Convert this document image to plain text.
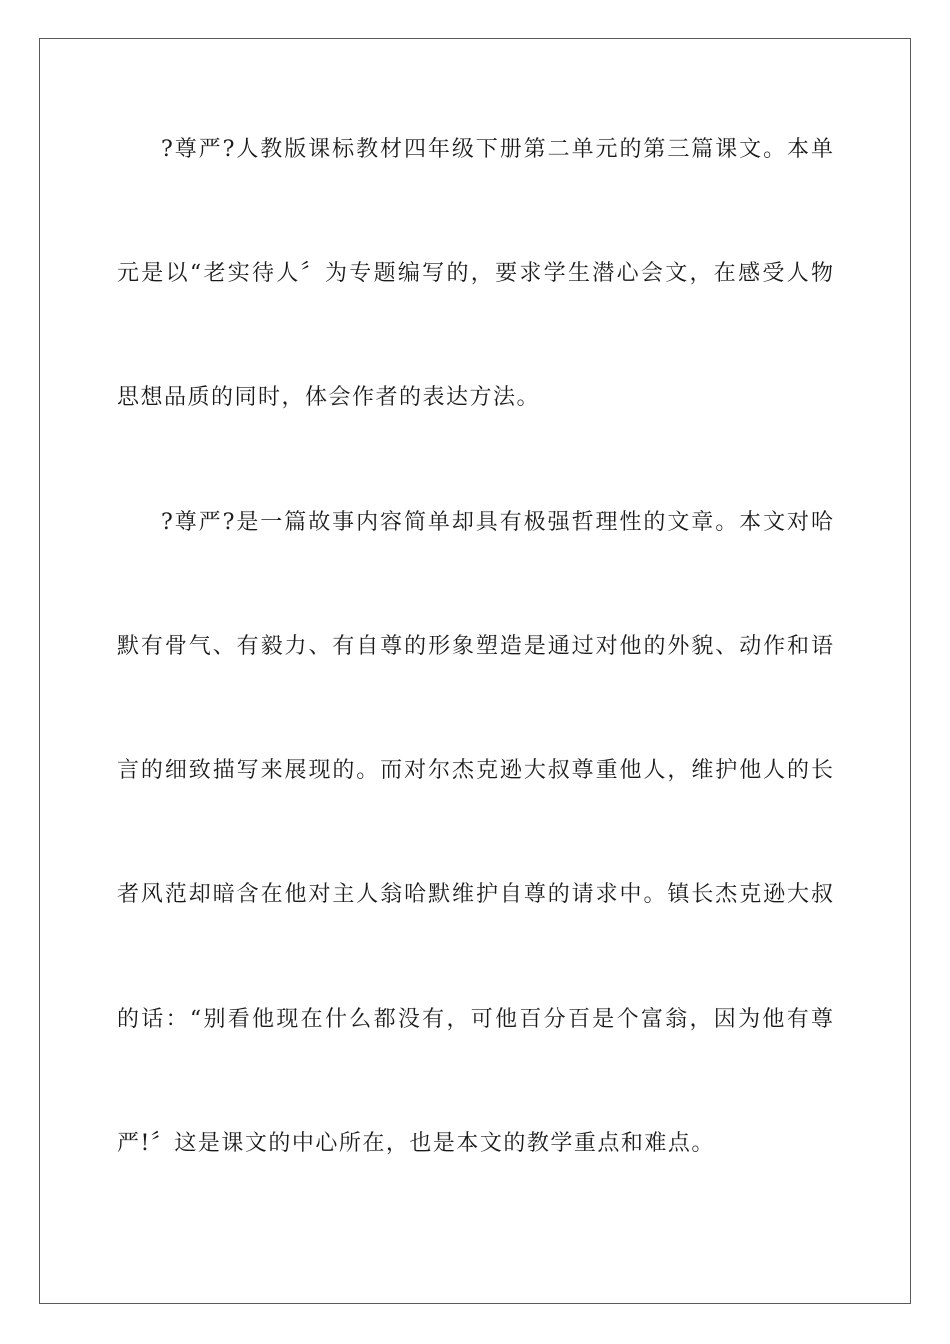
?尊严?人教版课标教材四年级下册第二单元的第三篇课文。本单
元是以“老实待人〞为专题编写的，要求学生潜心会文，在感受人物
思想品质的同时，体会作者的表达方法。
?尊严?是一篇故事内容简单却具有极强哲理性的文章。本文对哈
默有骨气、有毅力、有自尊的形象塑造是通过对他的外貌、动作和语
言的细致描写来展现的。而对尔杰克逊大叔尊重他人，维护他人的长
者风范却暗含在他对主人翁哈默维护自尊的请求中。镇长杰克逊大叔
的话：“别看他现在什么都没有，可他百分百是个富翁，因为他有尊
严!〞这是课文的中心所在，也是本文的教学重点和难点。
